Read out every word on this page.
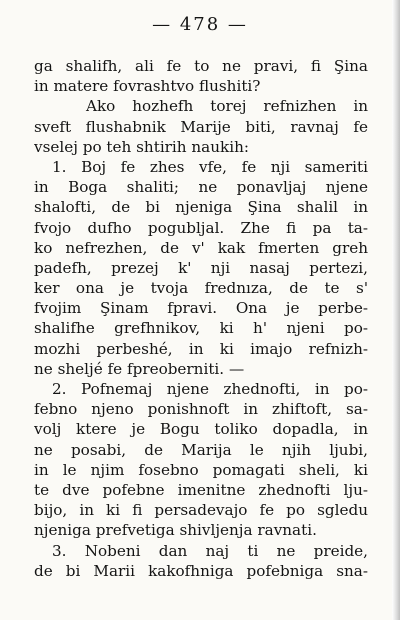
— 478 —
ga shalifh, ali fe to ne pravi, fi Şina
in matere fovrashtvo flushiti?
Ako hozhefh torej refnizhen in
sveft flushabnik Marije biti, ravnaj fe
vselej po teh shtirih naukih:
1. Boj fe zhes vfe, fe nji sameriti
in Boga shaliti; ne ponavljaj njene
shalofti, de bi njeniga Şina shalil in
fvojo dufho pogubljal. Zhe fi pa ta-
ko nefrezhen, de v' kak fmerten greh
padefh, prezej k' nji nasaj pertezi,
ker ona je tvoja frednıza, de te s'
fvojim Şinam fpravi. Ona je perbe-
shalifhe grefhnikov, ki h' njeni po-
mozhi perbeshé, in ki imajo refnizh-
ne sheljé fe fpreoberniti. —
2. Pofnemaj njene zhednofti, in po-
febno njeno ponishnoft in zhiftoft, sa-
volj ktere je Bogu toliko dopadla, in
ne posabi, de Marija le njih ljubi,
in le njim fosebno pomagati sheli, ki
te dve pofebne imenitne zhednofti lju-
bijo, in ki fi persadevajo fe po sgledu
njeniga prefvetiga shivljenja ravnati.
3. Nobeni dan naj ti ne preide,
de bi Marii kakofhniga pofebniga sna-
